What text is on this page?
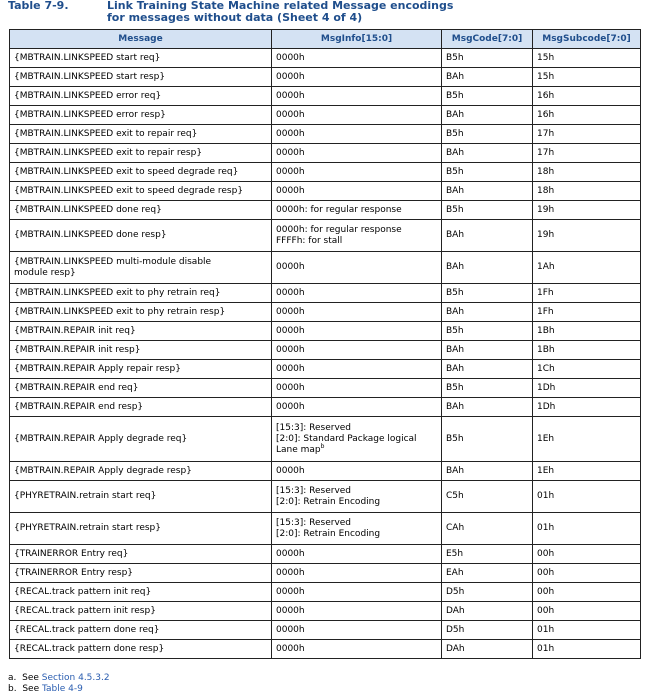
Table 7-9.	Link Training State Machine related Message encodings
for messages without data (Sheet 4 of 4)
Message	MsgInfo[15:0]	MsgCode[7:0]	MsgSubcode[7:0]
{MBTRAIN.LINKSPEED start req}	0000h	B5h	15h
{MBTRAIN.LINKSPEED start resp}	0000h	BAh	15h
{MBTRAIN.LINKSPEED error req}	0000h	B5h	16h
{MBTRAIN.LINKSPEED error resp}	0000h	BAh	16h
{MBTRAIN.LINKSPEED exit to repair req}	0000h	B5h	17h
{MBTRAIN.LINKSPEED exit to repair resp}	0000h	BAh	17h
{MBTRAIN.LINKSPEED exit to speed degrade req}	0000h	B5h	18h
{MBTRAIN.LINKSPEED exit to speed degrade resp}	0000h	BAh	18h
{MBTRAIN.LINKSPEED done req}	0000h: for regular response	B5h	19h
{MBTRAIN.LINKSPEED done resp}	0000h: for regular response
FFFFh: for stall	BAh	19h
{MBTRAIN.LINKSPEED multi-module disable
module resp}	0000h	BAh	1Ah
{MBTRAIN.LINKSPEED exit to phy retrain req}	0000h	B5h	1Fh
{MBTRAIN.LINKSPEED exit to phy retrain resp}	0000h	BAh	1Fh
{MBTRAIN.REPAIR init req}	0000h	B5h	1Bh
{MBTRAIN.REPAIR init resp}	0000h	BAh	1Bh
{MBTRAIN.REPAIR Apply repair resp}	0000h	BAh	1Ch
{MBTRAIN.REPAIR end req}	0000h	B5h	1Dh
{MBTRAIN.REPAIR end resp}	0000h	BAh	1Dh
{MBTRAIN.REPAIR Apply degrade req}	[15:3]: Reserved
[2:0]: Standard Package logical
Lane map$^b$	B5h	1Eh
{MBTRAIN.REPAIR Apply degrade resp}	0000h	BAh	1Eh
{PHYRETRAIN.retrain start req}	[15:3]: Reserved
[2:0]: Retrain Encoding	C5h	01h
{PHYRETRAIN.retrain start resp}	[15:3]: Reserved
[2:0]: Retrain Encoding	CAh	01h
{TRAINERROR Entry req}	0000h	E5h	00h
{TRAINERROR Entry resp}	0000h	EAh	00h
{RECAL.track pattern init req}	0000h	D5h	00h
{RECAL.track pattern init resp}	0000h	DAh	00h
{RECAL.track pattern done req}	0000h	D5h	01h
{RECAL.track pattern done resp}	0000h	DAh	01h
a. See Section 4.5.3.2
b. See Table 4-9
